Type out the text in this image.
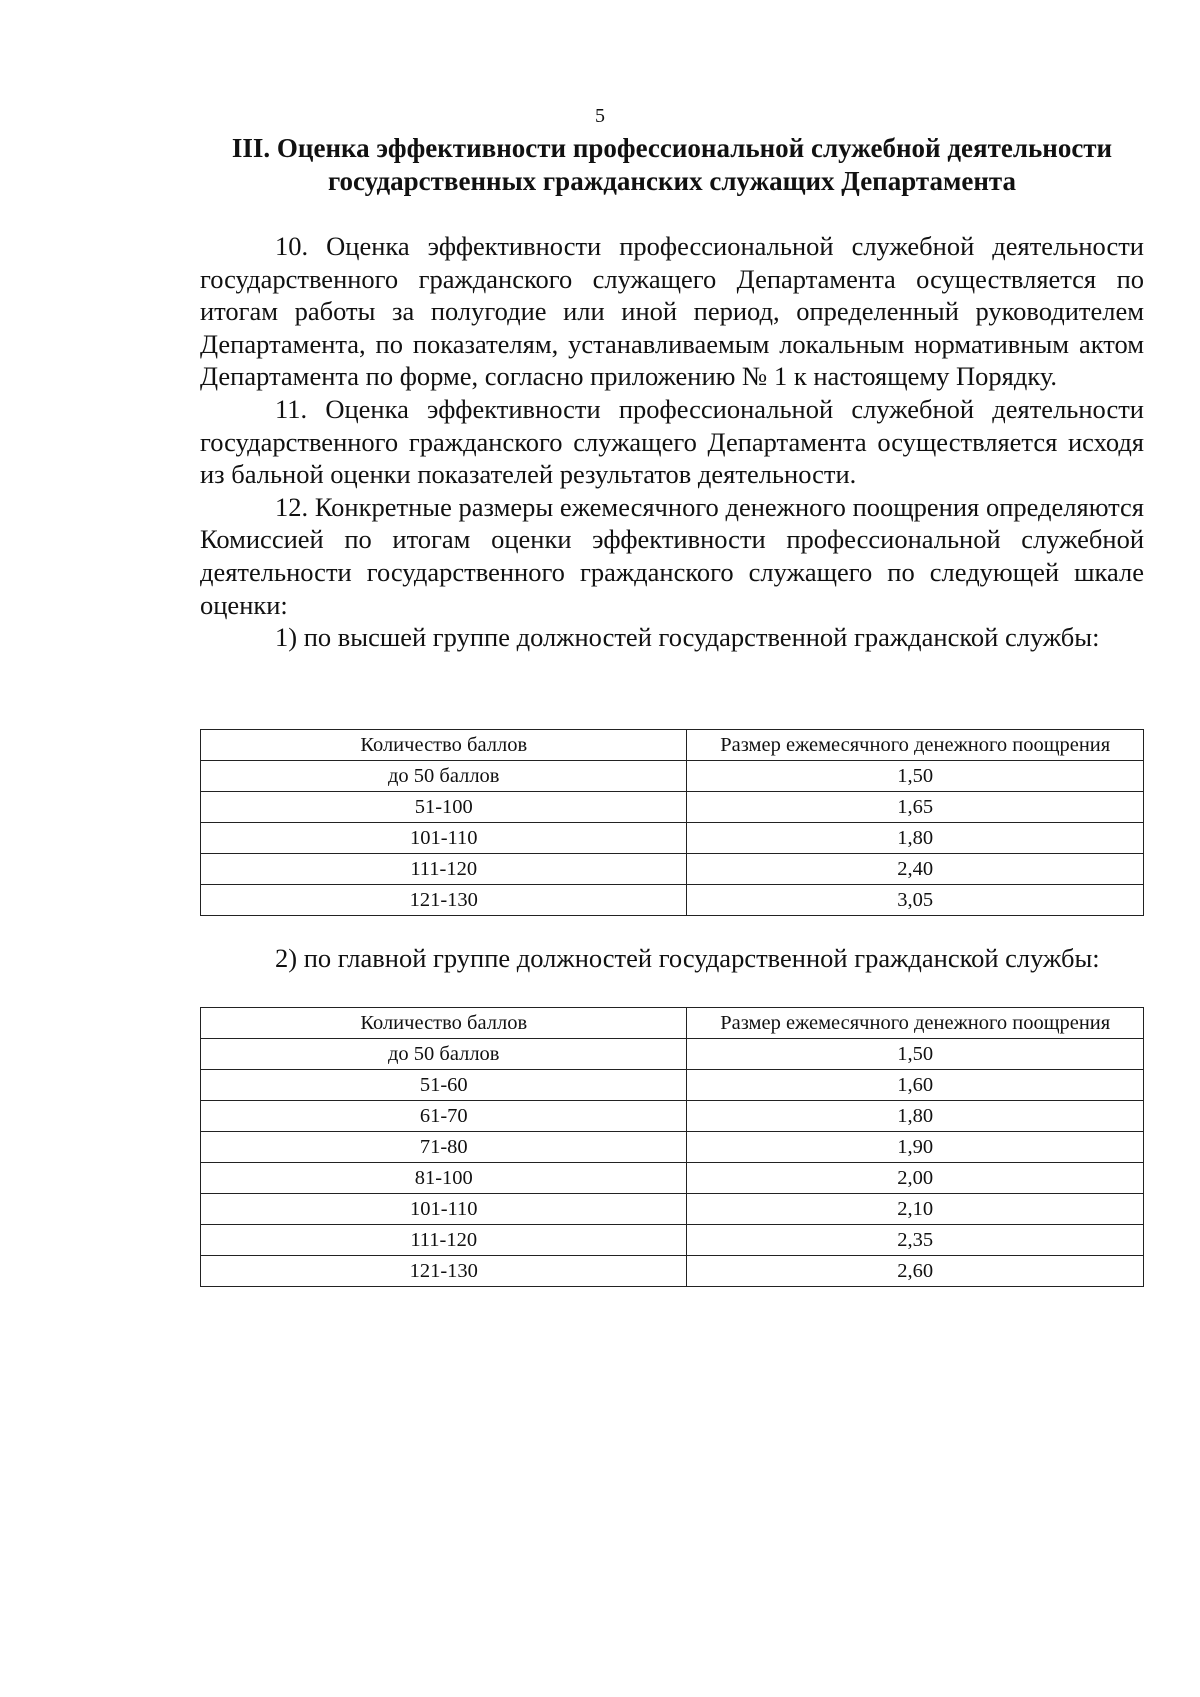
5
III. Оценка эффективности профессиональной служебной деятельности
государственных гражданских служащих Департамента

10. Оценка эффективности профессиональной служебной деятельности государственного гражданского служащего Департамента осуществляется по итогам работы за полугодие или иной период, определенный руководителем Департамента, по показателям, устанавливаемым локальным нормативным актом Департамента по форме, согласно приложению № 1 к настоящему Порядку.

11. Оценка эффективности профессиональной служебной деятельности государственного гражданского служащего Департамента осуществляется исходя из бальной оценки показателей результатов деятельности.

12. Конкретные размеры ежемесячного денежного поощрения определяются Комиссией по итогам оценки эффективности профессиональной служебной деятельности государственного гражданского служащего по следующей шкале оценки:

1) по высшей группе должностей государственной гражданской службы:

Количество баллов	Размер ежемесячного денежного поощрения
до 50 баллов	1,50
51-100	1,65
101-110	1,80
111-120	2,40
121-130	3,05

2) по главной группе должностей государственной гражданской службы:

Количество баллов	Размер ежемесячного денежного поощрения
до 50 баллов	1,50
51-60	1,60
61-70	1,80
71-80	1,90
81-100	2,00
101-110	2,10
111-120	2,35
121-130	2,60
